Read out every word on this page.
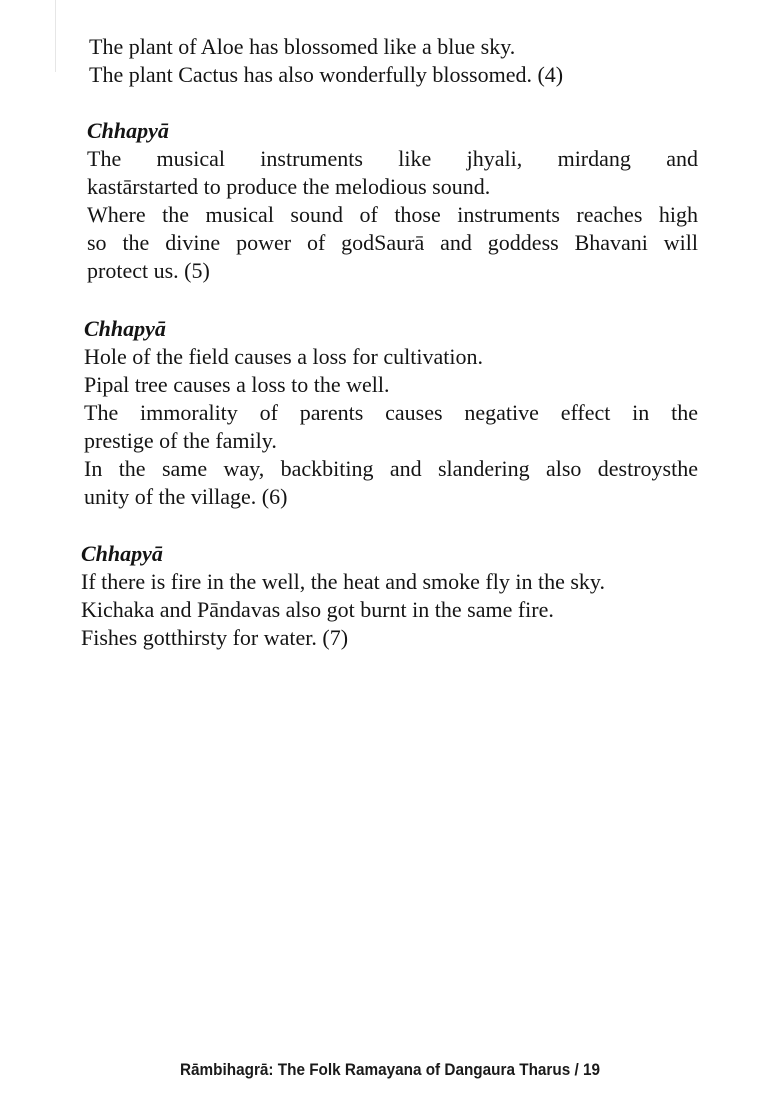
The plant of Aloe has blossomed like a blue sky.
The plant Cactus has also wonderfully blossomed. (4)
Chhapyā
The musical instruments like jhyali, mirdang and
kastārstarted to produce the melodious sound.
Where the musical sound of those instruments reaches high
so the divine power of godSaurā and goddess Bhavani will
protect us. (5)
Chhapyā
Hole of the field causes a loss for cultivation.
Pipal tree causes a loss to the well.
The immorality of parents causes negative effect in the
prestige of the family.
In the same way, backbiting and slandering also destroysthe
unity of the village. (6)
Chhapyā
If there is fire in the well, the heat and smoke fly in the sky.
Kichaka and Pāndavas also got burnt in the same fire.
Fishes gotthirsty for water. (7)
Rāmbihagrā: The Folk Ramayana of Dangaura Tharus / 19
